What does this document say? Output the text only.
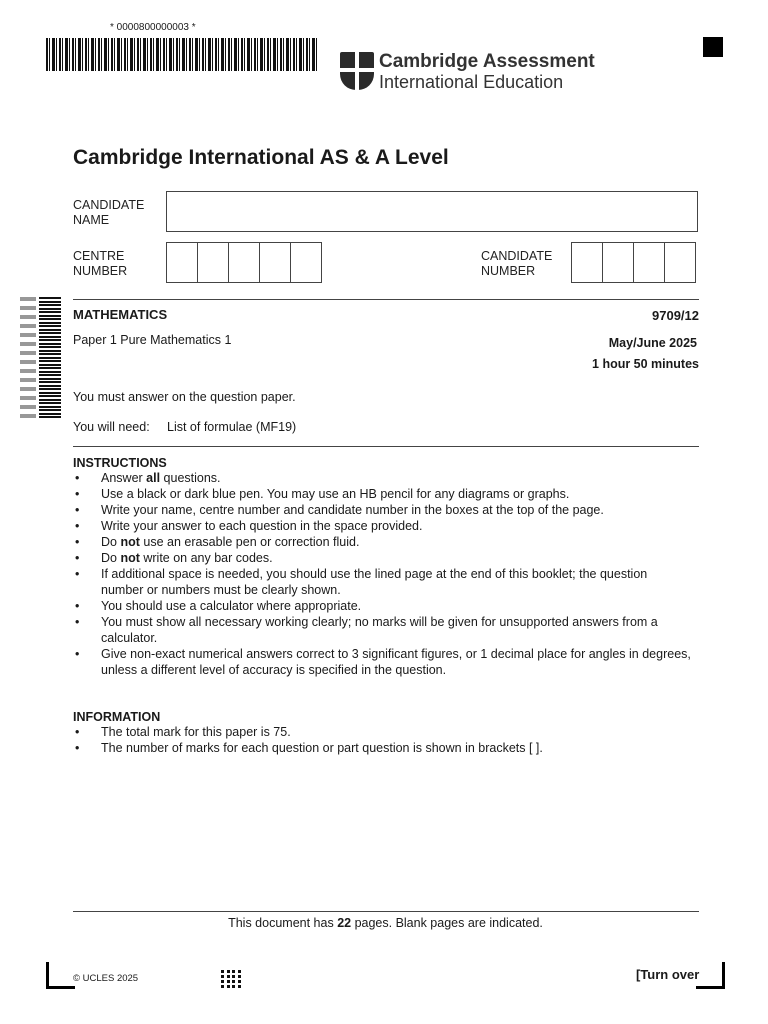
* 0000800000003 *
Cambridge Assessment
International Education
Cambridge International AS & A Level
CANDIDATE
NAME
CENTRE
NUMBER
CANDIDATE
NUMBER
MATHEMATICS	9709/12
Paper 1 Pure Mathematics 1	May/June 2025
1 hour 50 minutes
You must answer on the question paper.
You will need: List of formulae (MF19)
INSTRUCTIONS
• Answer all questions.
• Use a black or dark blue pen. You may use an HB pencil for any diagrams or graphs.
• Write your name, centre number and candidate number in the boxes at the top of the page.
• Write your answer to each question in the space provided.
• Do not use an erasable pen or correction fluid.
• Do not write on any bar codes.
• If additional space is needed, you should use the lined page at the end of this booklet; the question number or numbers must be clearly shown.
• You should use a calculator where appropriate.
• You must show all necessary working clearly; no marks will be given for unsupported answers from a calculator.
• Give non-exact numerical answers correct to 3 significant figures, or 1 decimal place for angles in degrees, unless a different level of accuracy is specified in the question.
INFORMATION
• The total mark for this paper is 75.
• The number of marks for each question or part question is shown in brackets [ ].
This document has 22 pages. Blank pages are indicated.
© UCLES 2025	[Turn over
